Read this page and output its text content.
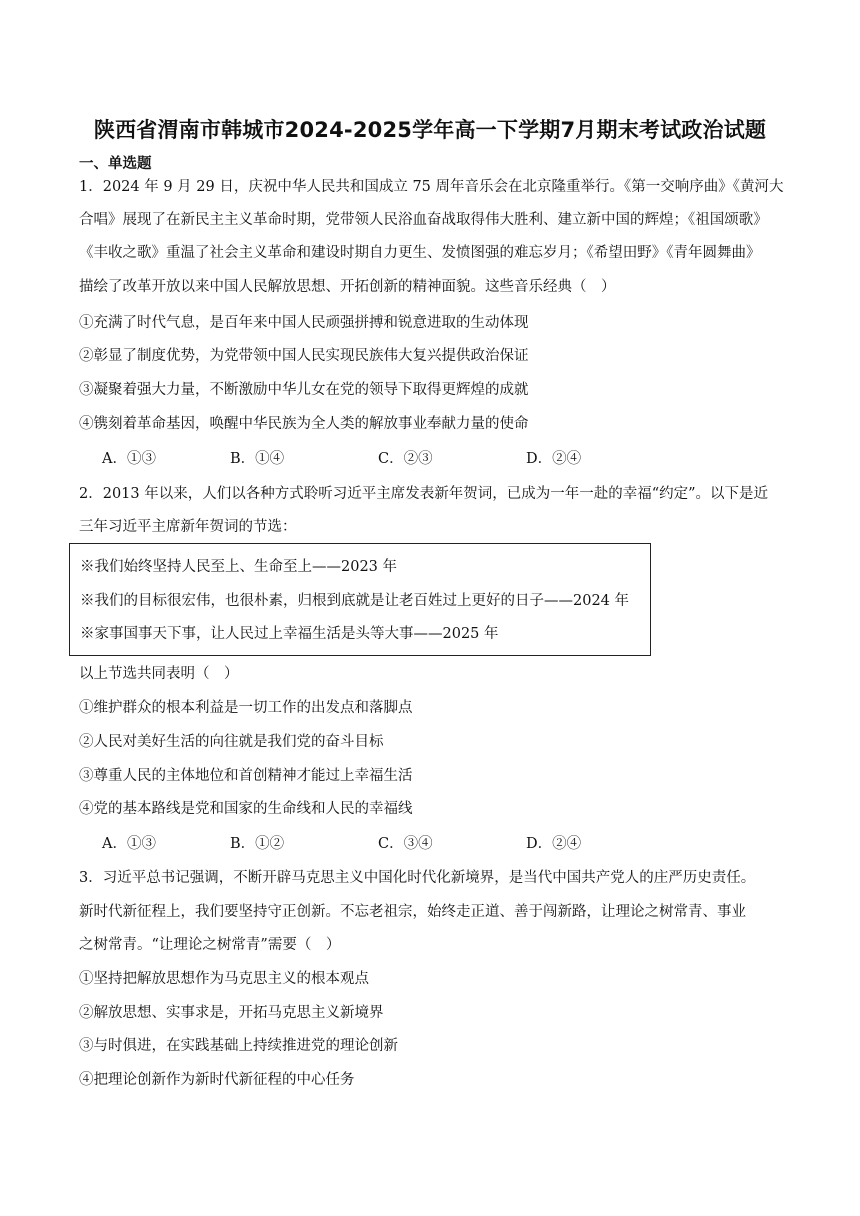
陕西省渭南市韩城市2024-2025学年高一下学期7月期末考试政治试题
一、单选题
1．2024 年 9 月 29 日，庆祝中华人民共和国成立 75 周年音乐会在北京隆重举行。《第一交响序曲》《黄河大
合唱》展现了在新民主主义革命时期，党带领人民浴血奋战取得伟大胜利、建立新中国的辉煌；《祖国颂歌》
《丰收之歌》重温了社会主义革命和建设时期自力更生、发愤图强的难忘岁月；《希望田野》《青年圆舞曲》
描绘了改革开放以来中国人民解放思想、开拓创新的精神面貌。这些音乐经典（　）
①充满了时代气息，是百年来中国人民顽强拼搏和锐意进取的生动体现
②彰显了制度优势，为党带领中国人民实现民族伟大复兴提供政治保证
③凝聚着强大力量，不断激励中华儿女在党的领导下取得更辉煌的成就
④镌刻着革命基因，唤醒中华民族为全人类的解放事业奉献力量的使命
A．①③	B．①④	C．②③	D．②④
2．2013 年以来，人们以各种方式聆听习近平主席发表新年贺词，已成为一年一赴的幸福“约定”。以下是近
三年习近平主席新年贺词的节选：
※我们始终坚持人民至上、生命至上——2023 年
※我们的目标很宏伟，也很朴素，归根到底就是让老百姓过上更好的日子——2024 年
※家事国事天下事，让人民过上幸福生活是头等大事——2025 年
以上节选共同表明（　）
①维护群众的根本利益是一切工作的出发点和落脚点
②人民对美好生活的向往就是我们党的奋斗目标
③尊重人民的主体地位和首创精神才能过上幸福生活
④党的基本路线是党和国家的生命线和人民的幸福线
A．①③	B．①②	C．③④	D．②④
3．习近平总书记强调，不断开辟马克思主义中国化时代化新境界，是当代中国共产党人的庄严历史责任。
新时代新征程上，我们要坚持守正创新。不忘老祖宗，始终走正道、善于闯新路，让理论之树常青、事业
之树常青。“让理论之树常青”需要（　）
①坚持把解放思想作为马克思主义的根本观点
②解放思想、实事求是，开拓马克思主义新境界
③与时俱进，在实践基础上持续推进党的理论创新
④把理论创新作为新时代新征程的中心任务
